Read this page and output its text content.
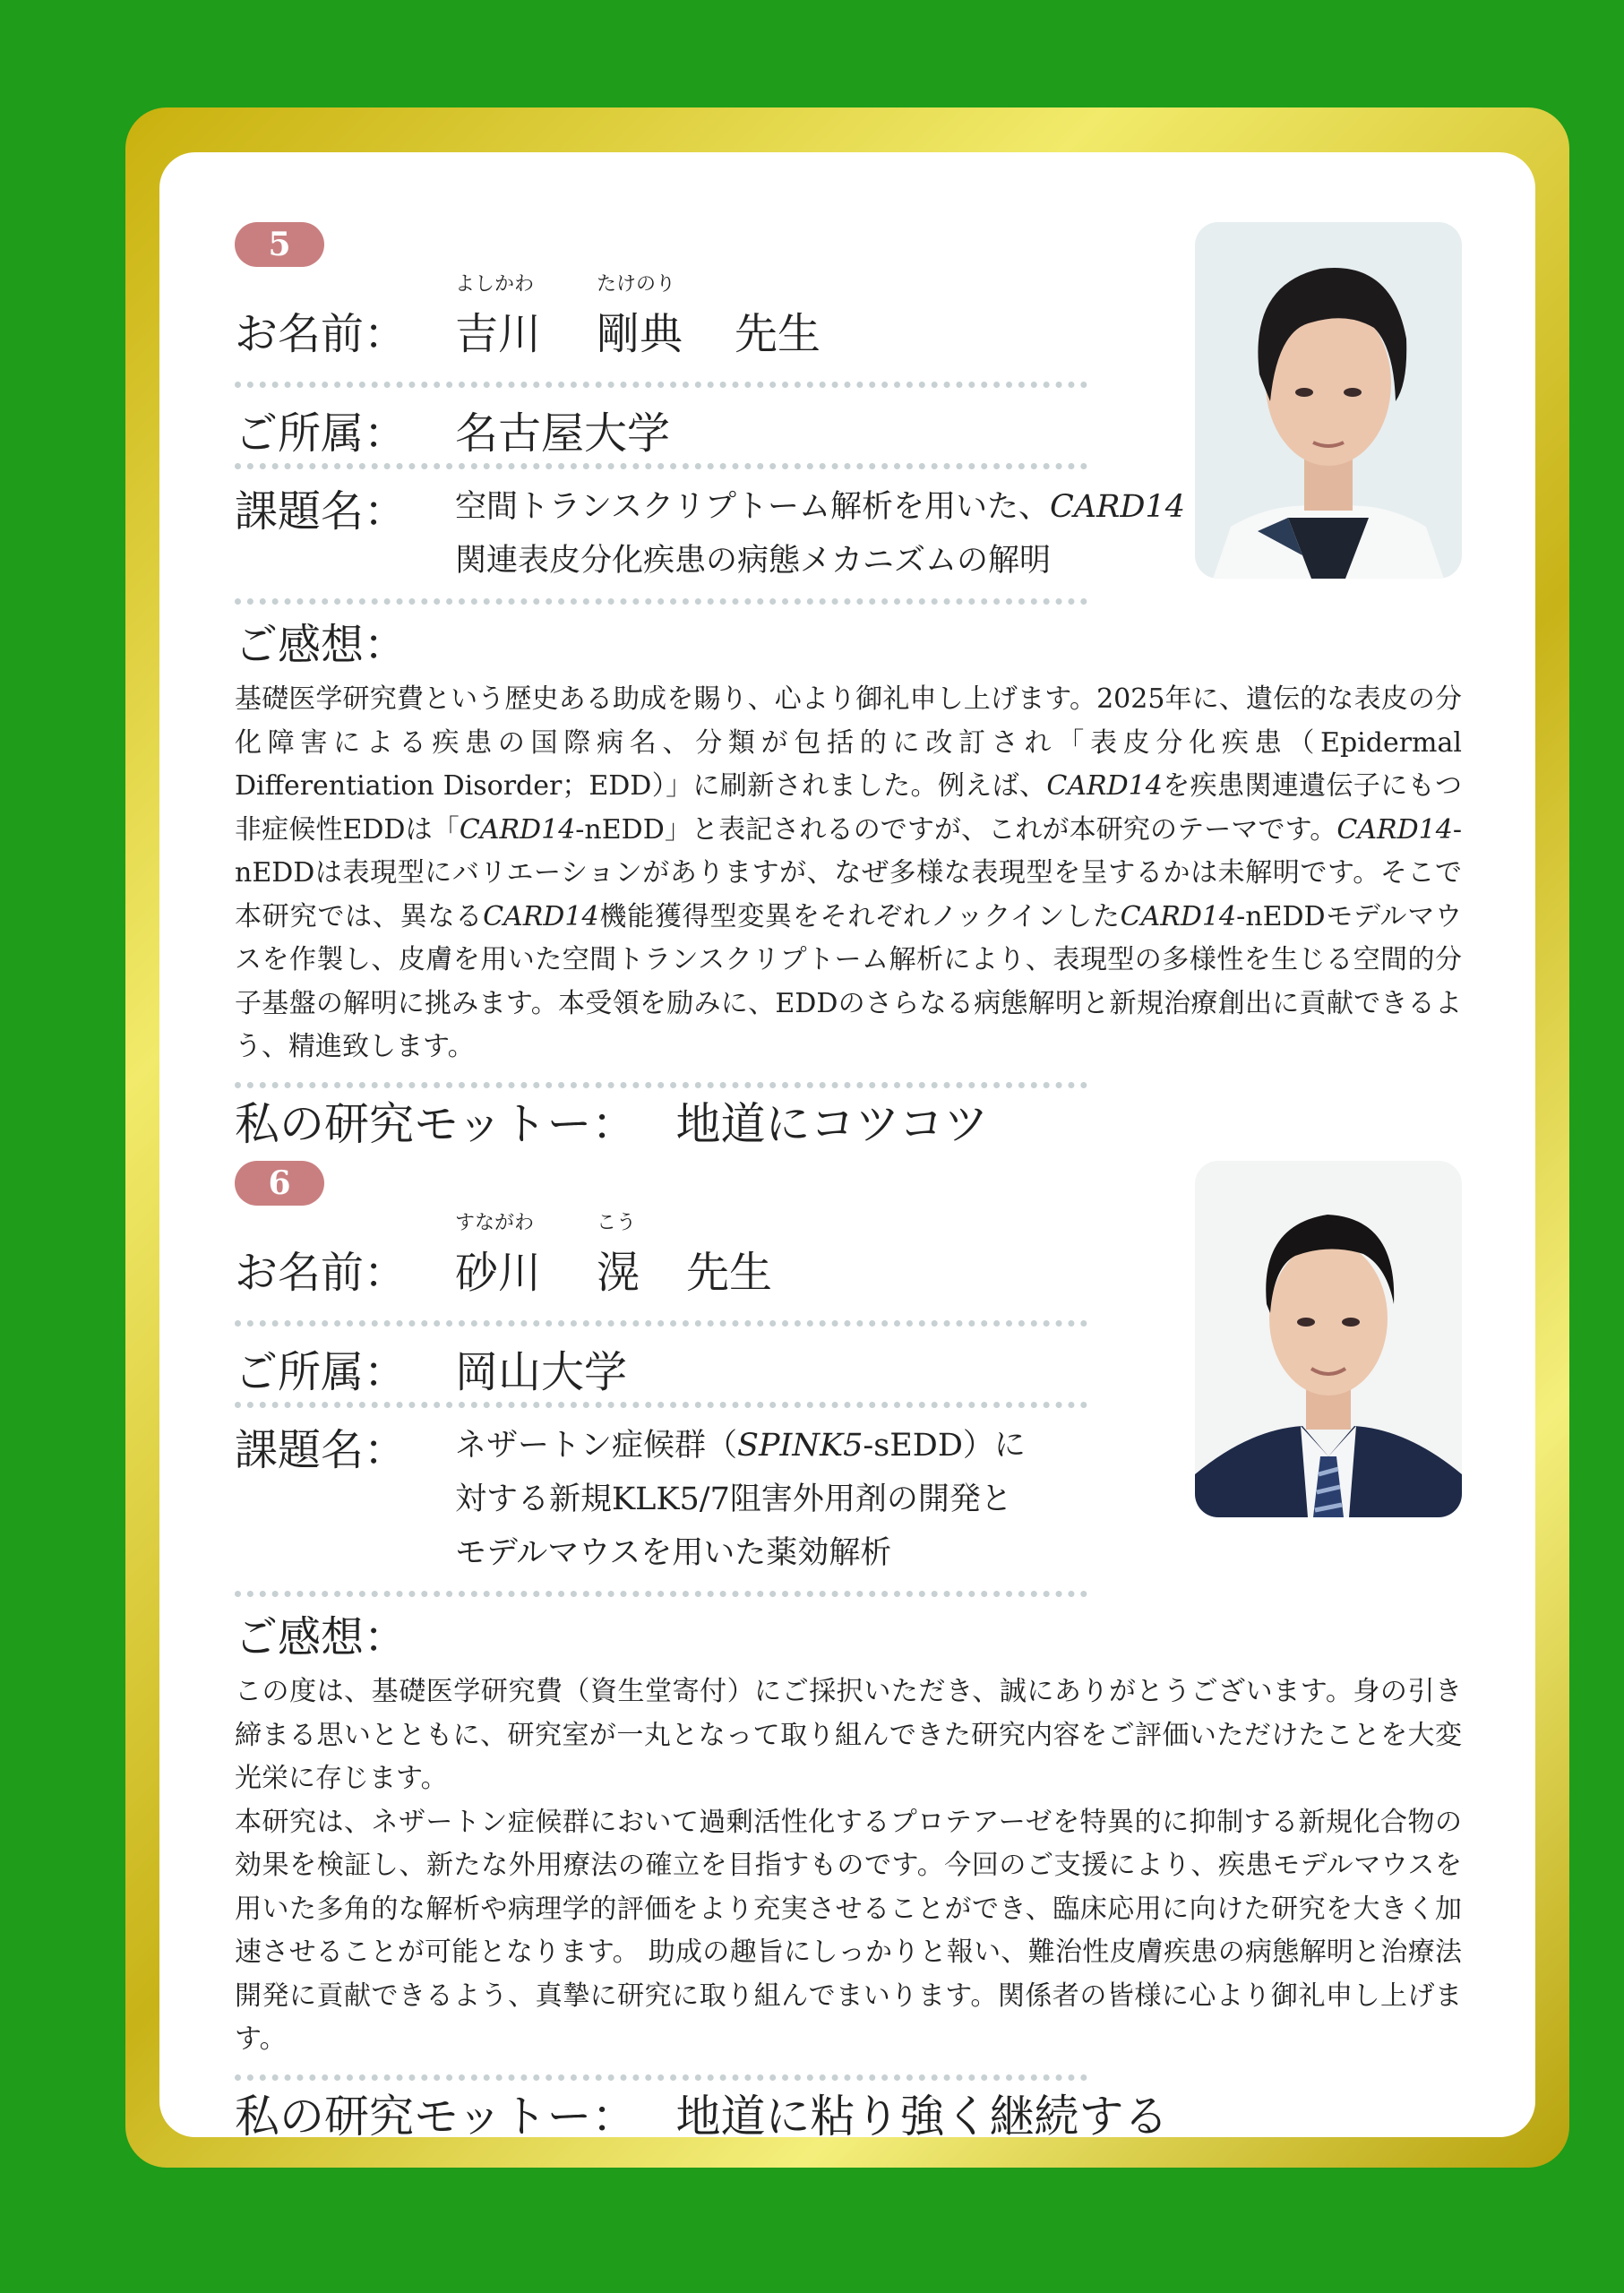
5
お名前：
よしかわ
吉川
たけのり
剛典 先生
ご所属： 名古屋大学
課題名： 空間トランスクリプトーム解析を用いた、CARD14
関連表皮分化疾患の病態メカニズムの解明
ご感想：

基礎医学研究費という歴史ある助成を賜り、心より御礼申し上げます。2025年に、遺伝的な表皮の分化障害による疾患の国際病名、分類が包括的に改訂され「表皮分化疾患（Epidermal Differentiation Disorder；EDD）」に刷新されました。例えば、CARD14を疾患関連遺伝子にもつ非症候性EDDは「CARD14-nEDD」と表記されるのですが、これが本研究のテーマです。CARD14-nEDDは表現型にバリエーションがありますが、なぜ多様な表現型を呈するかは未解明です。そこで本研究では、異なるCARD14機能獲得型変異をそれぞれノックインしたCARD14-nEDDモデルマウスを作製し、皮膚を用いた空間トランスクリプトーム解析により、表現型の多様性を生じる空間的分子基盤の解明に挑みます。本受領を励みに、EDDのさらなる病態解明と新規治療創出に貢献できるよう、精進致します。

私の研究モットー： 地道にコツコツ
6
お名前：
すながわ
砂川
こう
滉 先生
ご所属： 岡山大学
課題名： ネザートン症候群（SPINK5-sEDD）に
対する新規KLK5/7阻害外用剤の開発と
モデルマウスを用いた薬効解析
ご感想：

この度は、基礎医学研究費（資生堂寄付）にご採択いただき、誠にありがとうございます。身の引き締まる思いとともに、研究室が一丸となって取り組んできた研究内容をご評価いただけたことを大変光栄に存じます。

本研究は、ネザートン症候群において過剰活性化するプロテアーゼを特異的に抑制する新規化合物の効果を検証し、新たな外用療法の確立を目指すものです。今回のご支援により、疾患モデルマウスを用いた多角的な解析や病理学的評価をより充実させることができ、臨床応用に向けた研究を大きく加速させることが可能となります。 助成の趣旨にしっかりと報い、難治性皮膚疾患の病態解明と治療法開発に貢献できるよう、真摯に研究に取り組んでまいります。関係者の皆様に心より御礼申し上げます。

私の研究モットー： 地道に粘り強く継続する
